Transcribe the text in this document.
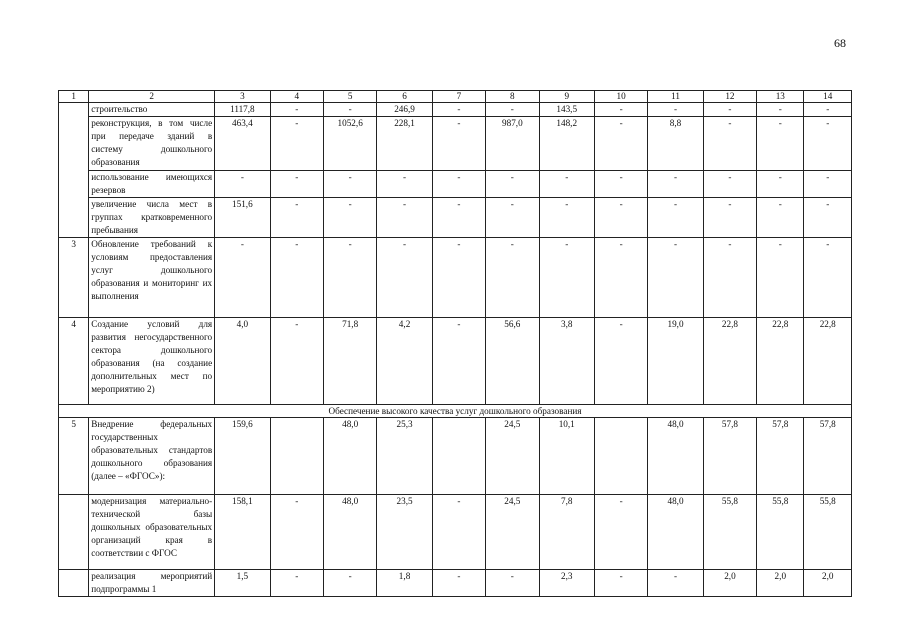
68
1	2	3	4	5	6	7	8	9	10	11	12	13	14
	строительство	1117,8	-	-	246,9	-	-	143,5	-	-	-	-	-
	реконструкция, в том числе при передаче зданий в систему дошкольного образования	463,4	-	1052,6	228,1	-	987,0	148,2	-	8,8	-	-	-
	использование имеющихся резервов	-	-	-	-	-	-	-	-	-	-	-	-
	увеличение числа мест в группах кратковременного пребывания	151,6	-	-	-	-	-	-	-	-	-	-	-
3	Обновление требований к условиям предоставления услуг дошкольного образования и мониторинг их выполнения	-	-	-	-	-	-	-	-	-	-	-	-
4	Создание условий для развития негосударственного сектора дошкольного образования (на создание дополнительных мест по мероприятию 2)	4,0	-	71,8	4,2	-	56,6	3,8	-	19,0	22,8	22,8	22,8
Обеспечение высокого качества услуг дошкольного образования													
5	Внедрение федеральных государственных образовательных стандартов дошкольного образования (далее – «ФГОС»):	159,6		48,0	25,3		24,5	10,1		48,0	57,8	57,8	57,8
	модернизация материально-технической базы дошкольных образовательных организаций края в соответствии с ФГОС	158,1	-	48,0	23,5	-	24,5	7,8	-	48,0	55,8	55,8	55,8
	реализация мероприятий подпрограммы 1	1,5	-	-	1,8	-	-	2,3	-	-	2,0	2,0	2,0
